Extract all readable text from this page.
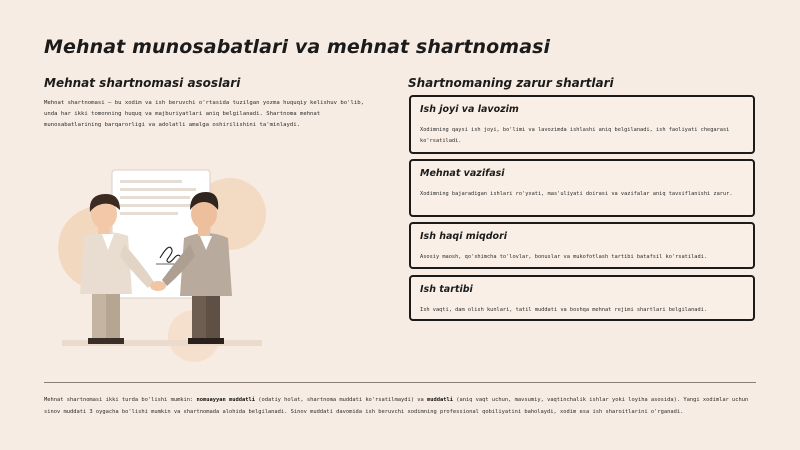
Mehnat munosabatlari va mehnat shartnomasi
Mehnat shartnomasi asoslari
Mehnat shartnomasi — bu xodim va ish beruvchi o'rtasida tuzilgan yozma huquqiy kelishuv bo'lib, unda har ikki tomonning huquq va majburiyatlari aniq belgilanadi. Shartnoma mehnat munosabatlarining barqarorligi va adolatli amalga oshirilishini ta'minlaydi.
Shartnomaning zarur shartlari
Ish joyi va lavozim
Xodimning qaysi ish joyi, bo'limi va lavozimda ishlashi aniq belgilanadi, ish faoliyati chegarasi ko'rsatiladi.
Mehnat vazifasi
Xodimning bajaradigan ishlari ro'yxati, mas'uliyati doirasi va vazifalar aniq tavsiflanishi zarur.
Ish haqi miqdori
Asosiy maosh, qo'shimcha to'lovlar, bonuslar va mukofotlash tartibi batafsil ko'rsatiladi.
Ish tartibi
Ish vaqti, dam olish kunlari, tatil muddati va boshqa mehnat rejimi shartlari belgilanadi.
Mehnat shartnomasi ikki turda bo'lishi mumkin: nomuayyan muddatli (odatiy holat, shartnoma muddati ko'rsatilmaydi) va muddatli (aniq vaqt uchun, mavsumiy, vaqtinchalik ishlar yoki loyiha asosida). Yangi xodimlar uchun sinov muddati 3 oygacha bo'lishi mumkin va shartnomada alohida belgilanadi. Sinov muddati davomida ish beruvchi xodimning professional qobiliyatini baholaydi, xodim esa ish sharoitlarini o'rganadi.
